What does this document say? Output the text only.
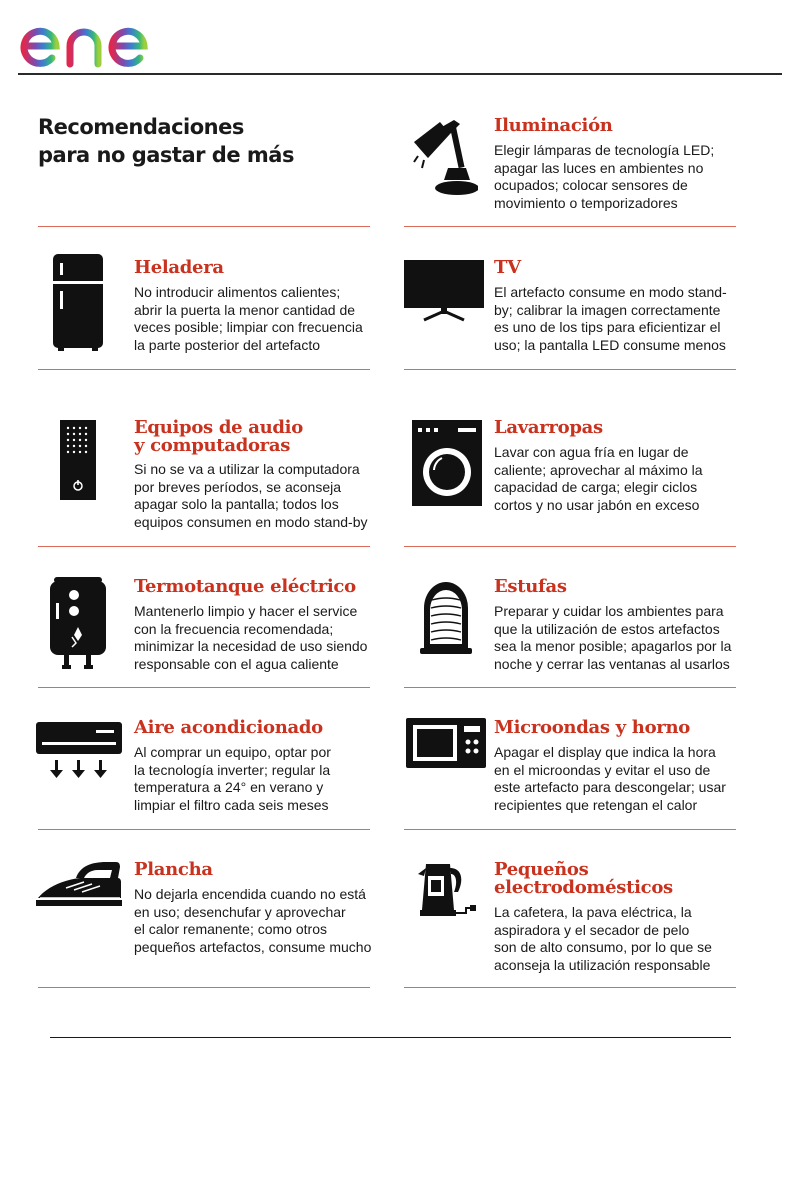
Recomendaciones
para no gastar de más
Iluminación
Elegir lámparas de tecnología LED;
apagar las luces en ambientes no
ocupados; colocar sensores de
movimiento o temporizadores
Heladera
No introducir alimentos calientes;
abrir la puerta la menor cantidad de
veces posible; limpiar con frecuencia
la parte posterior del artefacto
TV
El artefacto consume en modo stand-
by; calibrar la imagen correctamente
es uno de los tips para eficientizar el
uso; la pantalla LED consume menos
Equipos de audio
y computadoras
Si no se va a utilizar la computadora
por breves períodos, se aconseja
apagar solo la pantalla; todos los
equipos consumen en modo stand-by
Lavarropas
Lavar con agua fría en lugar de
caliente; aprovechar al máximo la
capacidad de carga; elegir ciclos
cortos y no usar jabón en exceso
Termotanque eléctrico
Mantenerlo limpio y hacer el service
con la frecuencia recomendada;
minimizar la necesidad de uso siendo
responsable con el agua caliente
Estufas
Preparar y cuidar los ambientes para
que la utilización de estos artefactos
sea la menor posible; apagarlos por la
noche y cerrar las ventanas al usarlos
Aire acondicionado
Al comprar un equipo, optar por
la tecnología inverter; regular la
temperatura a 24° en verano y
limpiar el filtro cada seis meses
Microondas y horno
Apagar el display que indica la hora
en el microondas y evitar el uso de
este artefacto para descongelar; usar
recipientes que retengan el calor
Plancha
No dejarla encendida cuando no está
en uso; desenchufar y aprovechar
el calor remanente; como otros
pequeños artefactos, consume mucho
Pequeños
electrodomésticos
La cafetera, la pava eléctrica, la
aspiradora y el secador de pelo
son de alto consumo, por lo que se
aconseja la utilización responsable
